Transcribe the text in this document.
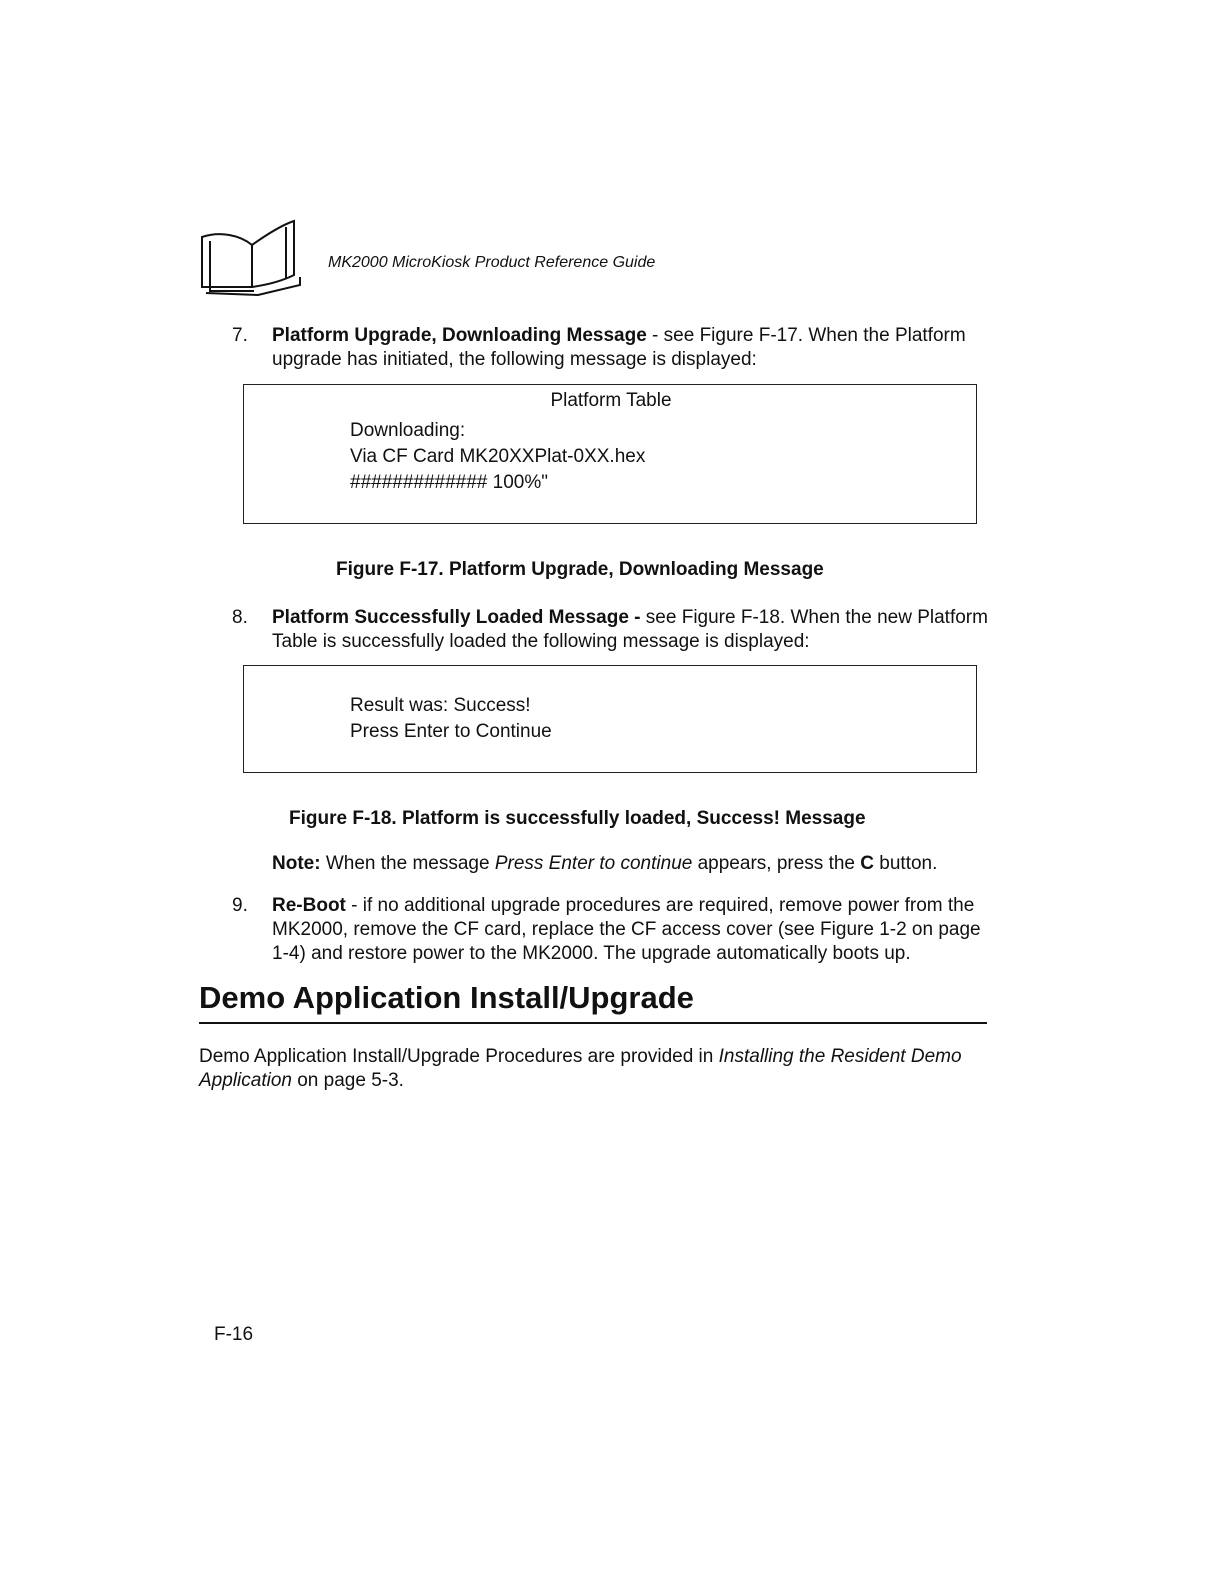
MK2000 MicroKiosk Product Reference Guide
7. Platform Upgrade, Downloading Message - see Figure F-17. When the Platform upgrade has initiated, the following message is displayed:
Platform Table
Downloading:
Via CF Card MK20XXPlat-0XX.hex
############# 100%"
Figure F-17. Platform Upgrade, Downloading Message
8. Platform Successfully Loaded Message - see Figure F-18. When the new Platform Table is successfully loaded the following message is displayed:
Result was: Success!
Press Enter to Continue
Figure F-18. Platform is successfully loaded, Success! Message
Note: When the message Press Enter to continue appears, press the C button.
9. Re-Boot - if no additional upgrade procedures are required, remove power from the MK2000, remove the CF card, replace the CF access cover (see Figure 1-2 on page 1-4) and restore power to the MK2000. The upgrade automatically boots up.
Demo Application Install/Upgrade
Demo Application Install/Upgrade Procedures are provided in Installing the Resident Demo Application on page 5-3.
F-16
